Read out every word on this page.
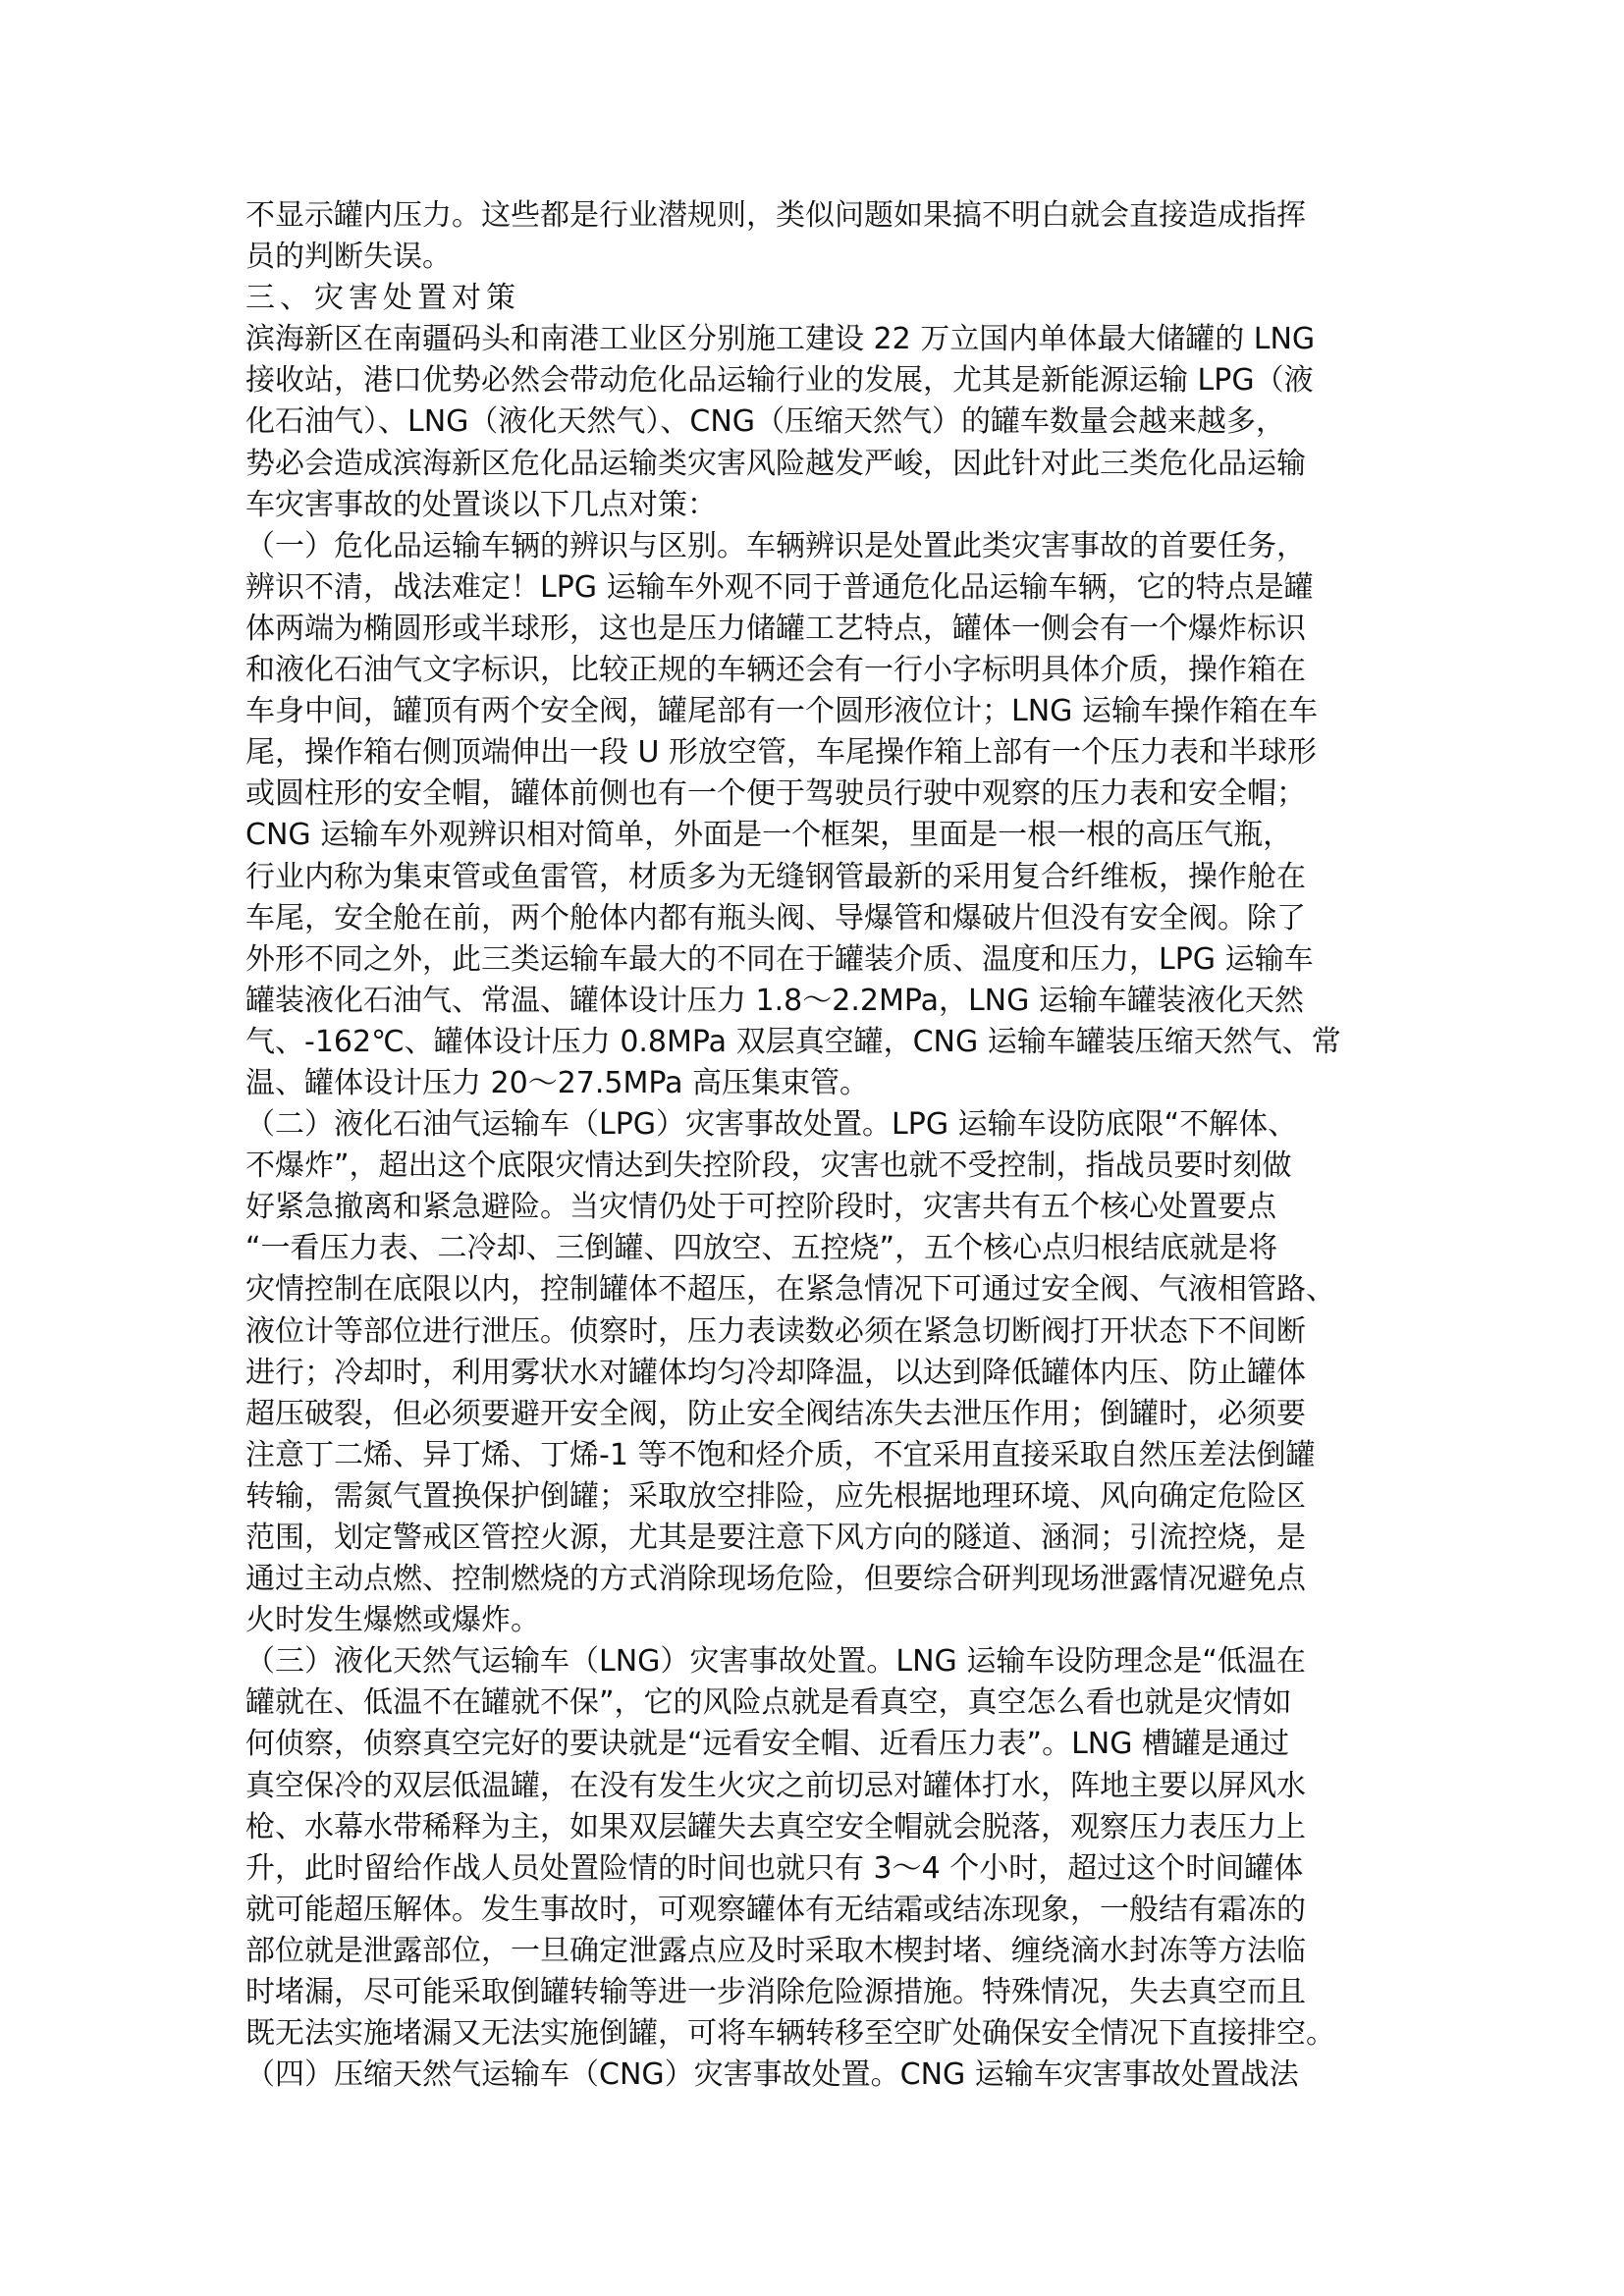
不显示罐内压力。这些都是行业潜规则，类似问题如果搞不明白就会直接造成指挥
员的判断失误。
三、灾害处置对策
滨海新区在南疆码头和南港工业区分别施工建设 22 万立国内单体最大储罐的 LNG
接收站，港口优势必然会带动危化品运输行业的发展，尤其是新能源运输 LPG（液
化石油气）、LNG（液化天然气）、CNG（压缩天然气）的罐车数量会越来越多，
势必会造成滨海新区危化品运输类灾害风险越发严峻，因此针对此三类危化品运输
车灾害事故的处置谈以下几点对策：
（一）危化品运输车辆的辨识与区别。车辆辨识是处置此类灾害事故的首要任务，
辨识不清，战法难定！LPG 运输车外观不同于普通危化品运输车辆，它的特点是罐
体两端为椭圆形或半球形，这也是压力储罐工艺特点，罐体一侧会有一个爆炸标识
和液化石油气文字标识，比较正规的车辆还会有一行小字标明具体介质，操作箱在
车身中间，罐顶有两个安全阀，罐尾部有一个圆形液位计；LNG 运输车操作箱在车
尾，操作箱右侧顶端伸出一段 U 形放空管，车尾操作箱上部有一个压力表和半球形
或圆柱形的安全帽，罐体前侧也有一个便于驾驶员行驶中观察的压力表和安全帽；
CNG 运输车外观辨识相对简单，外面是一个框架，里面是一根一根的高压气瓶，
行业内称为集束管或鱼雷管，材质多为无缝钢管最新的采用复合纤维板，操作舱在
车尾，安全舱在前，两个舱体内都有瓶头阀、导爆管和爆破片但没有安全阀。除了
外形不同之外，此三类运输车最大的不同在于罐装介质、温度和压力，LPG 运输车
罐装液化石油气、常温、罐体设计压力 1.8～2.2MPa，LNG 运输车罐装液化天然
气、-162℃、罐体设计压力 0.8MPa 双层真空罐，CNG 运输车罐装压缩天然气、常
温、罐体设计压力 20～27.5MPa 高压集束管。
（二）液化石油气运输车（LPG）灾害事故处置。LPG 运输车设防底限“不解体、
不爆炸”，超出这个底限灾情达到失控阶段，灾害也就不受控制，指战员要时刻做
好紧急撤离和紧急避险。当灾情仍处于可控阶段时，灾害共有五个核心处置要点
“一看压力表、二冷却、三倒罐、四放空、五控烧”，五个核心点归根结底就是将
灾情控制在底限以内，控制罐体不超压，在紧急情况下可通过安全阀、气液相管路、
液位计等部位进行泄压。侦察时，压力表读数必须在紧急切断阀打开状态下不间断
进行；冷却时，利用雾状水对罐体均匀冷却降温，以达到降低罐体内压、防止罐体
超压破裂，但必须要避开安全阀，防止安全阀结冻失去泄压作用；倒罐时，必须要
注意丁二烯、异丁烯、丁烯-1 等不饱和烃介质，不宜采用直接采取自然压差法倒罐
转输，需氮气置换保护倒罐；采取放空排险，应先根据地理环境、风向确定危险区
范围，划定警戒区管控火源，尤其是要注意下风方向的隧道、涵洞；引流控烧，是
通过主动点燃、控制燃烧的方式消除现场危险，但要综合研判现场泄露情况避免点
火时发生爆燃或爆炸。
（三）液化天然气运输车（LNG）灾害事故处置。LNG 运输车设防理念是“低温在
罐就在、低温不在罐就不保”，它的风险点就是看真空，真空怎么看也就是灾情如
何侦察，侦察真空完好的要诀就是“远看安全帽、近看压力表”。LNG 槽罐是通过
真空保冷的双层低温罐，在没有发生火灾之前切忌对罐体打水，阵地主要以屏风水
枪、水幕水带稀释为主，如果双层罐失去真空安全帽就会脱落，观察压力表压力上
升，此时留给作战人员处置险情的时间也就只有 3～4 个小时，超过这个时间罐体
就可能超压解体。发生事故时，可观察罐体有无结霜或结冻现象，一般结有霜冻的
部位就是泄露部位，一旦确定泄露点应及时采取木楔封堵、缠绕滴水封冻等方法临
时堵漏，尽可能采取倒罐转输等进一步消除危险源措施。特殊情况，失去真空而且
既无法实施堵漏又无法实施倒罐，可将车辆转移至空旷处确保安全情况下直接排空。
（四）压缩天然气运输车（CNG）灾害事故处置。CNG 运输车灾害事故处置战法
